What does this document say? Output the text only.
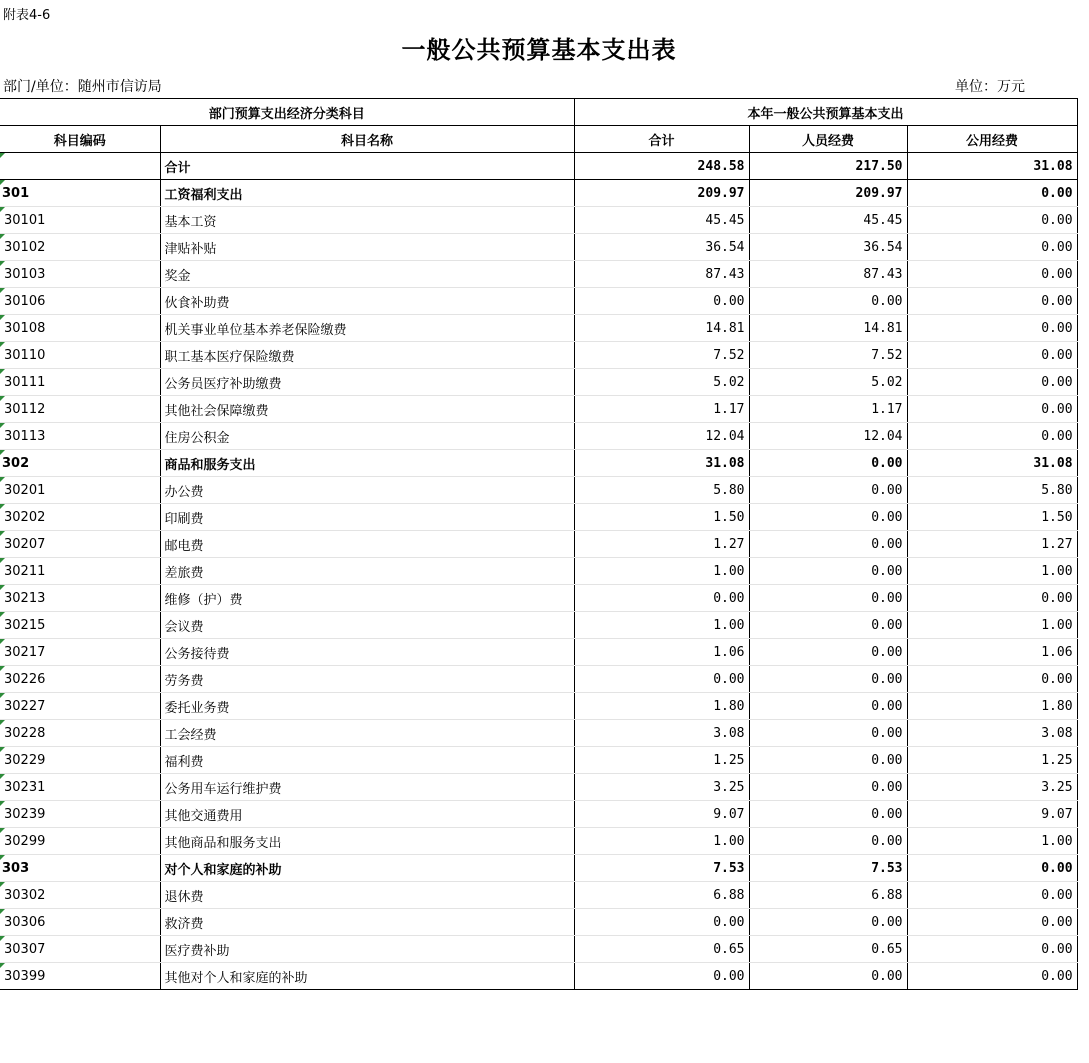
附表4-6
一般公共预算基本支出表
部门/单位：随州市信访局	单位：万元
部门预算支出经济分类科目		本年一般公共预算基本支出		
科目编码	科目名称	合计	人员经费	公用经费
	合计	248.58	217.50	31.08
301	工资福利支出	209.97	209.97	0.00
30101	基本工资	45.45	45.45	0.00
30102	津贴补贴	36.54	36.54	0.00
30103	奖金	87.43	87.43	0.00
30106	伙食补助费	0.00	0.00	0.00
30108	机关事业单位基本养老保险缴费	14.81	14.81	0.00
30110	职工基本医疗保险缴费	7.52	7.52	0.00
30111	公务员医疗补助缴费	5.02	5.02	0.00
30112	其他社会保障缴费	1.17	1.17	0.00
30113	住房公积金	12.04	12.04	0.00
302	商品和服务支出	31.08	0.00	31.08
30201	办公费	5.80	0.00	5.80
30202	印刷费	1.50	0.00	1.50
30207	邮电费	1.27	0.00	1.27
30211	差旅费	1.00	0.00	1.00
30213	维修（护）费	0.00	0.00	0.00
30215	会议费	1.00	0.00	1.00
30217	公务接待费	1.06	0.00	1.06
30226	劳务费	0.00	0.00	0.00
30227	委托业务费	1.80	0.00	1.80
30228	工会经费	3.08	0.00	3.08
30229	福利费	1.25	0.00	1.25
30231	公务用车运行维护费	3.25	0.00	3.25
30239	其他交通费用	9.07	0.00	9.07
30299	其他商品和服务支出	1.00	0.00	1.00
303	对个人和家庭的补助	7.53	7.53	0.00
30302	退休费	6.88	6.88	0.00
30306	救济费	0.00	0.00	0.00
30307	医疗费补助	0.65	0.65	0.00
30399	其他对个人和家庭的补助	0.00	0.00	0.00
